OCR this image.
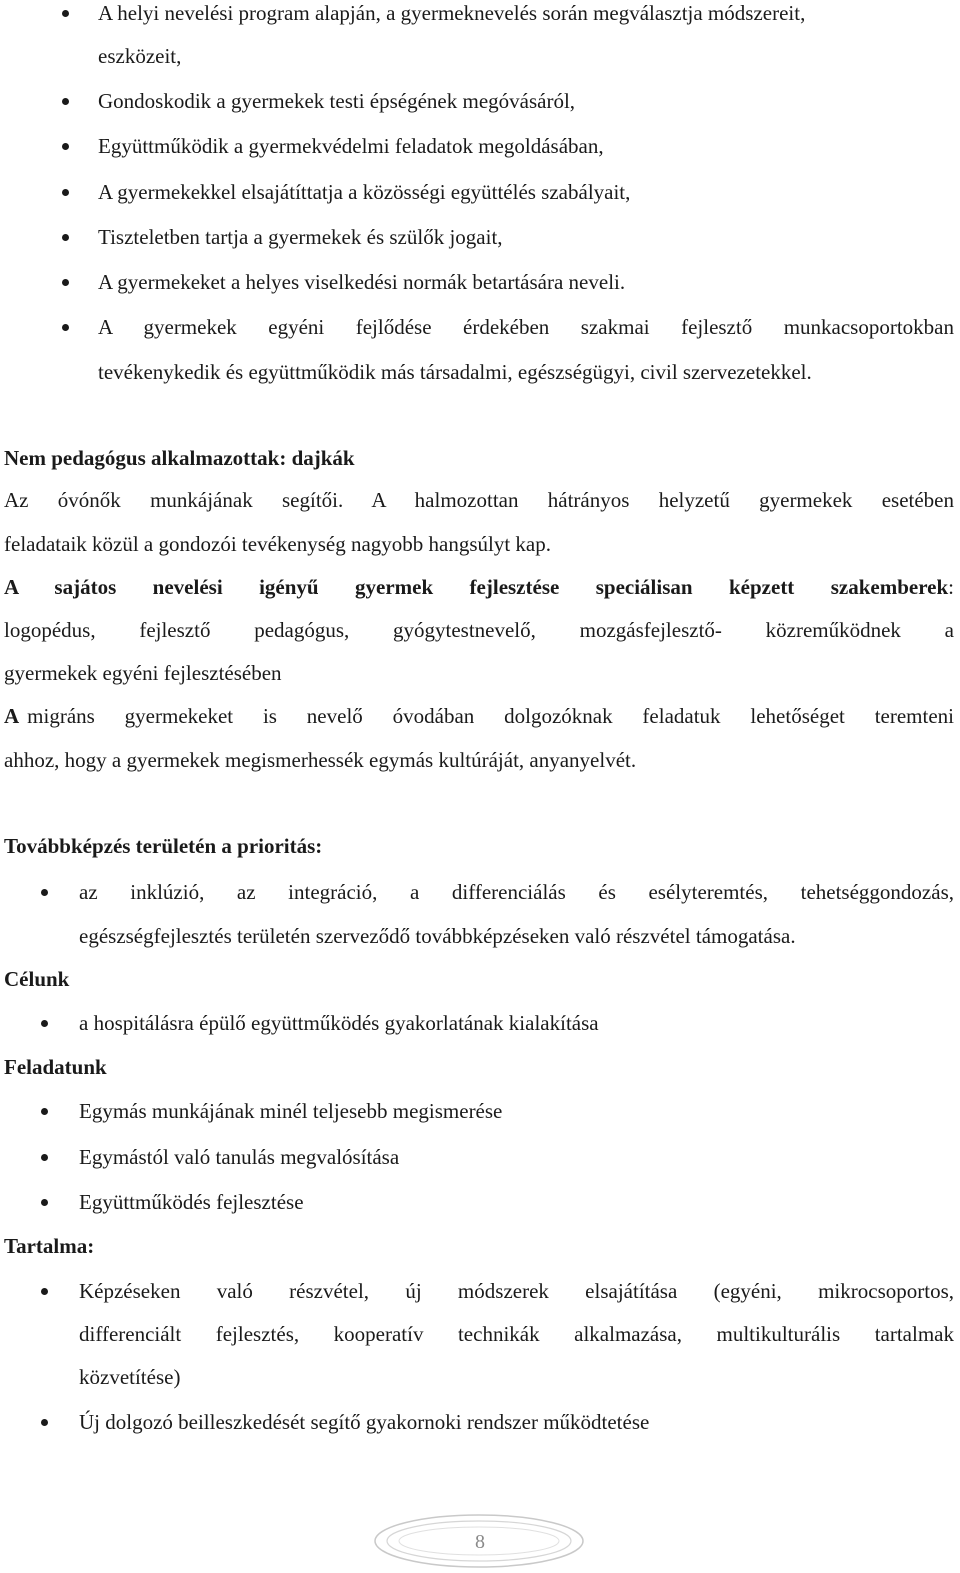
A helyi nevelési program alapján, a gyermeknevelés során megválasztja módszereit,
eszközeit,
Gondoskodik a gyermekek testi épségének megóvásáról,
Együttműködik a gyermekvédelmi feladatok megoldásában,
A gyermekekkel elsajátíttatja a közösségi együttélés szabályait,
Tiszteletben tartja a gyermekek és szülők jogait,
A gyermekeket a helyes viselkedési normák betartására neveli.
A gyermekek egyéni fejlődése érdekében szakmai fejlesztő munkacsoportokban
tevékenykedik és együttműködik más társadalmi, egészségügyi, civil szervezetekkel.
Nem pedagógus alkalmazottak: dajkák
Az óvónők munkájának segítői. A halmozottan hátrányos helyzetű gyermekek esetében
feladataik közül a gondozói tevékenység nagyobb hangsúlyt kap.
A sajátos nevelési igényű gyermek fejlesztése speciálisan képzett szakemberek :
logopédus, fejlesztő pedagógus, gyógytestnevelő, mozgásfejlesztő- közreműködnek a
gyermekek egyéni fejlesztésében
A migráns gyermekeket is nevelő óvodában dolgozóknak feladatuk lehetőséget teremteni
ahhoz, hogy a gyermekek megismerhessék egymás kultúráját, anyanyelvét.
Továbbképzés területén a prioritás:
az inklúzió, az integráció, a differenciálás és esélyteremtés, tehetséggondozás,
egészségfejlesztés területén szerveződő továbbképzéseken való részvétel támogatása.
Célunk
a hospitálásra épülő együttműködés gyakorlatának kialakítása
Feladatunk
Egymás munkájának minél teljesebb megismerése
Egymástól való tanulás megvalósítása
Együttműködés fejlesztése
Tartalma:
Képzéseken való részvétel, új módszerek elsajátítása (egyéni, mikrocsoportos,
differenciált fejlesztés, kooperatív technikák alkalmazása, multikulturális tartalmak
közvetítése)
Új dolgozó beilleszkedését segítő gyakornoki rendszer működtetése
8
